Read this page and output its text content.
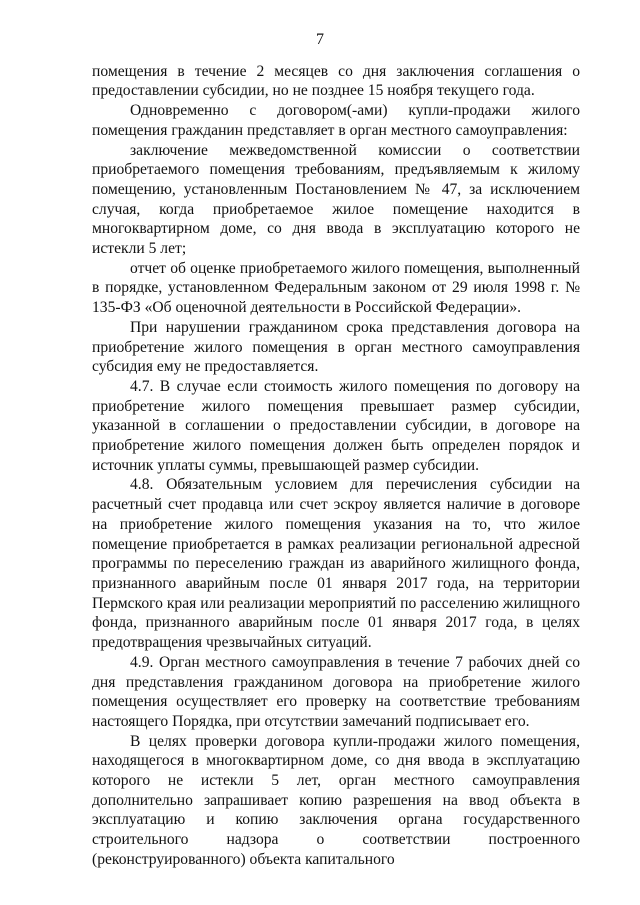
7

помещения в течение 2 месяцев со дня заключения соглашения о предоставлении субсидии, но не позднее 15 ноября текущего года.

Одновременно с договором(-ами) купли-продажи жилого помещения гражданин представляет в орган местного самоуправления:

заключение межведомственной комиссии о соответствии приобретаемого помещения требованиям, предъявляемым к жилому помещению, установленным Постановлением № 47, за исключением случая, когда приобретаемое жилое помещение находится в многоквартирном доме, со дня ввода в эксплуатацию которого не истекли 5 лет;

отчет об оценке приобретаемого жилого помещения, выполненный в порядке, установленном Федеральным законом от 29 июля 1998 г. № 135-ФЗ «Об оценочной деятельности в Российской Федерации».

При нарушении гражданином срока представления договора на приобретение жилого помещения в орган местного самоуправления субсидия ему не предоставляется.

4.7. В случае если стоимость жилого помещения по договору на приобретение жилого помещения превышает размер субсидии, указанной в соглашении о предоставлении субсидии, в договоре на приобретение жилого помещения должен быть определен порядок и источник уплаты суммы, превышающей размер субсидии.

4.8. Обязательным условием для перечисления субсидии на расчетный счет продавца или счет эскроу является наличие в договоре на приобретение жилого помещения указания на то, что жилое помещение приобретается в рамках реализации региональной адресной программы по переселению граждан из аварийного жилищного фонда, признанного аварийным после 01 января 2017 года, на территории Пермского края или реализации мероприятий по расселению жилищного фонда, признанного аварийным после 01 января 2017 года, в целях предотвращения чрезвычайных ситуаций.

4.9. Орган местного самоуправления в течение 7 рабочих дней со дня представления гражданином договора на приобретение жилого помещения осуществляет его проверку на соответствие требованиям настоящего Порядка, при отсутствии замечаний подписывает его.

В целях проверки договора купли-продажи жилого помещения, находящегося в многоквартирном доме, со дня ввода в эксплуатацию которого не истекли 5 лет, орган местного самоуправления дополнительно запрашивает копию разрешения на ввод объекта в эксплуатацию и копию заключения органа государственного строительного надзора о соответствии построенного (реконструированного) объекта капитального
